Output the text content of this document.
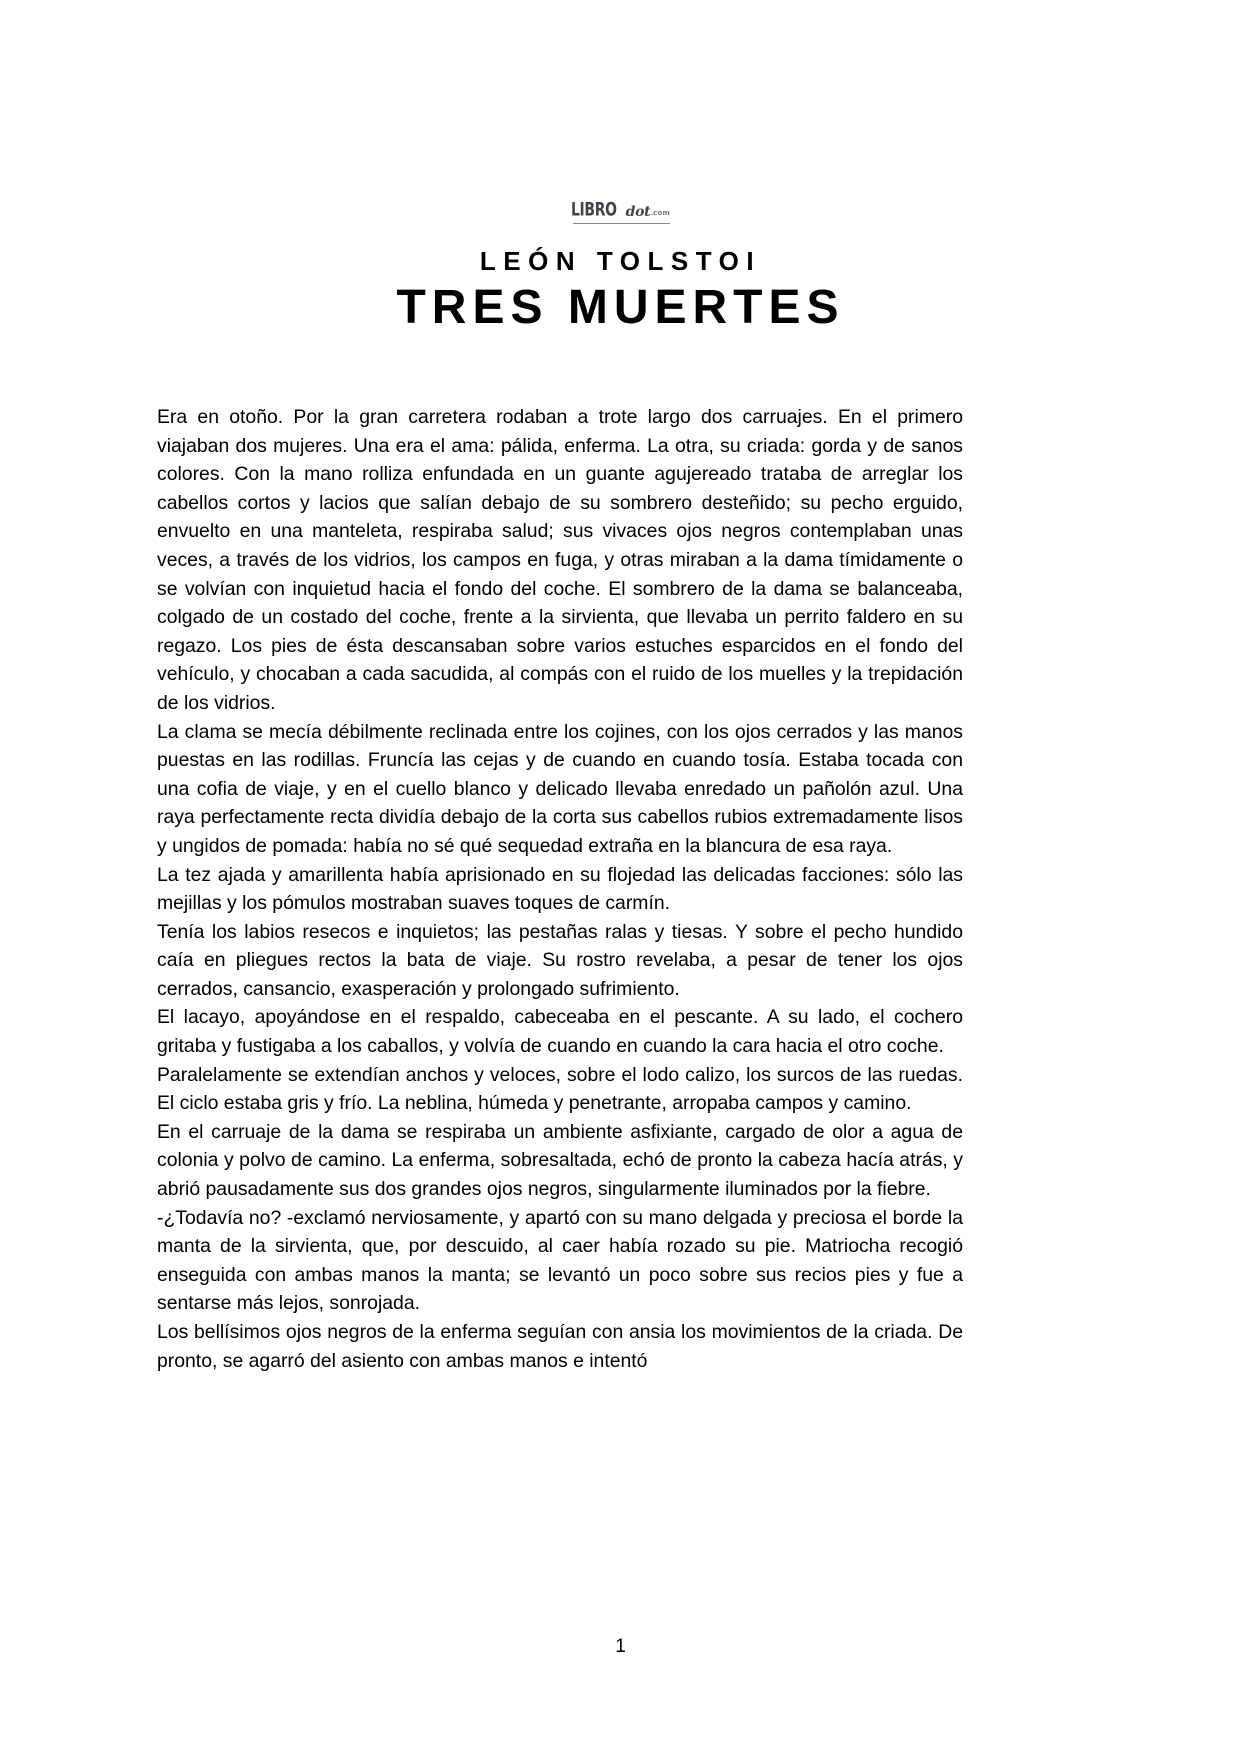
LIBRO dot.com
LEÓN TOLSTOI
TRES MUERTES

Era en otoño. Por la gran carretera rodaban a trote largo dos carruajes. En el primero viajaban dos mujeres. Una era el ama: pálida, enferma. La otra, su criada: gorda y de sanos colores. Con la mano rolliza enfundada en un guante agujereado trataba de arreglar los cabellos cortos y lacios que salían debajo de su sombrero desteñido; su pecho erguido, envuelto en una manteleta, respiraba salud; sus vivaces ojos negros contemplaban unas veces, a través de los vidrios, los campos en fuga, y otras miraban a la dama tímidamente o se volvían con inquietud hacia el fondo del coche. El sombrero de la dama se balanceaba, colgado de un costado del coche, frente a la sirvienta, que llevaba un perrito faldero en su regazo. Los pies de ésta descansaban sobre varios estuches esparcidos en el fondo del vehículo, y chocaban a cada sacudida, al compás con el ruido de los muelles y la trepidación de los vidrios.

La clama se mecía débilmente reclinada entre los cojines, con los ojos cerrados y las manos puestas en las rodillas. Fruncía las cejas y de cuando en cuando tosía. Estaba tocada con una cofia de viaje, y en el cuello blanco y delicado llevaba enredado un pañolón azul. Una raya perfectamente recta dividía debajo de la corta sus cabellos rubios extremadamente lisos y ungidos de pomada: había no sé qué sequedad extraña en la blancura de esa raya.

La tez ajada y amarillenta había aprisionado en su flojedad las delicadas facciones: sólo las mejillas y los pómulos mostraban suaves toques de carmín.

Tenía los labios resecos e inquietos; las pestañas ralas y tiesas. Y sobre el pecho hundido caía en pliegues rectos la bata de viaje. Su rostro revelaba, a pesar de tener los ojos cerrados, cansancio, exasperación y prolongado sufrimiento.

El lacayo, apoyándose en el respaldo, cabeceaba en el pescante. A su lado, el cochero gritaba y fustigaba a los caballos, y volvía de cuando en cuando la cara hacia el otro coche.

Paralelamente se extendían anchos y veloces, sobre el lodo calizo, los surcos de las ruedas. El ciclo estaba gris y frío. La neblina, húmeda y penetrante, arropaba campos y camino.

En el carruaje de la dama se respiraba un ambiente asfixiante, cargado de olor a agua de colonia y polvo de camino. La enferma, sobresaltada, echó de pronto la cabeza hacía atrás, y abrió pausadamente sus dos grandes ojos negros, singularmente iluminados por la fiebre.

-¿Todavía no? -exclamó nerviosamente, y apartó con su mano delgada y preciosa el borde la manta de la sirvienta, que, por descuido, al caer había rozado su pie. Matriocha recogió enseguida con ambas manos la manta; se levantó un poco sobre sus recios pies y fue a sentarse más lejos, sonrojada.

Los bellísimos ojos negros de la enferma seguían con ansia los movimientos de la criada. De pronto, se agarró del asiento con ambas manos e intentó

1
